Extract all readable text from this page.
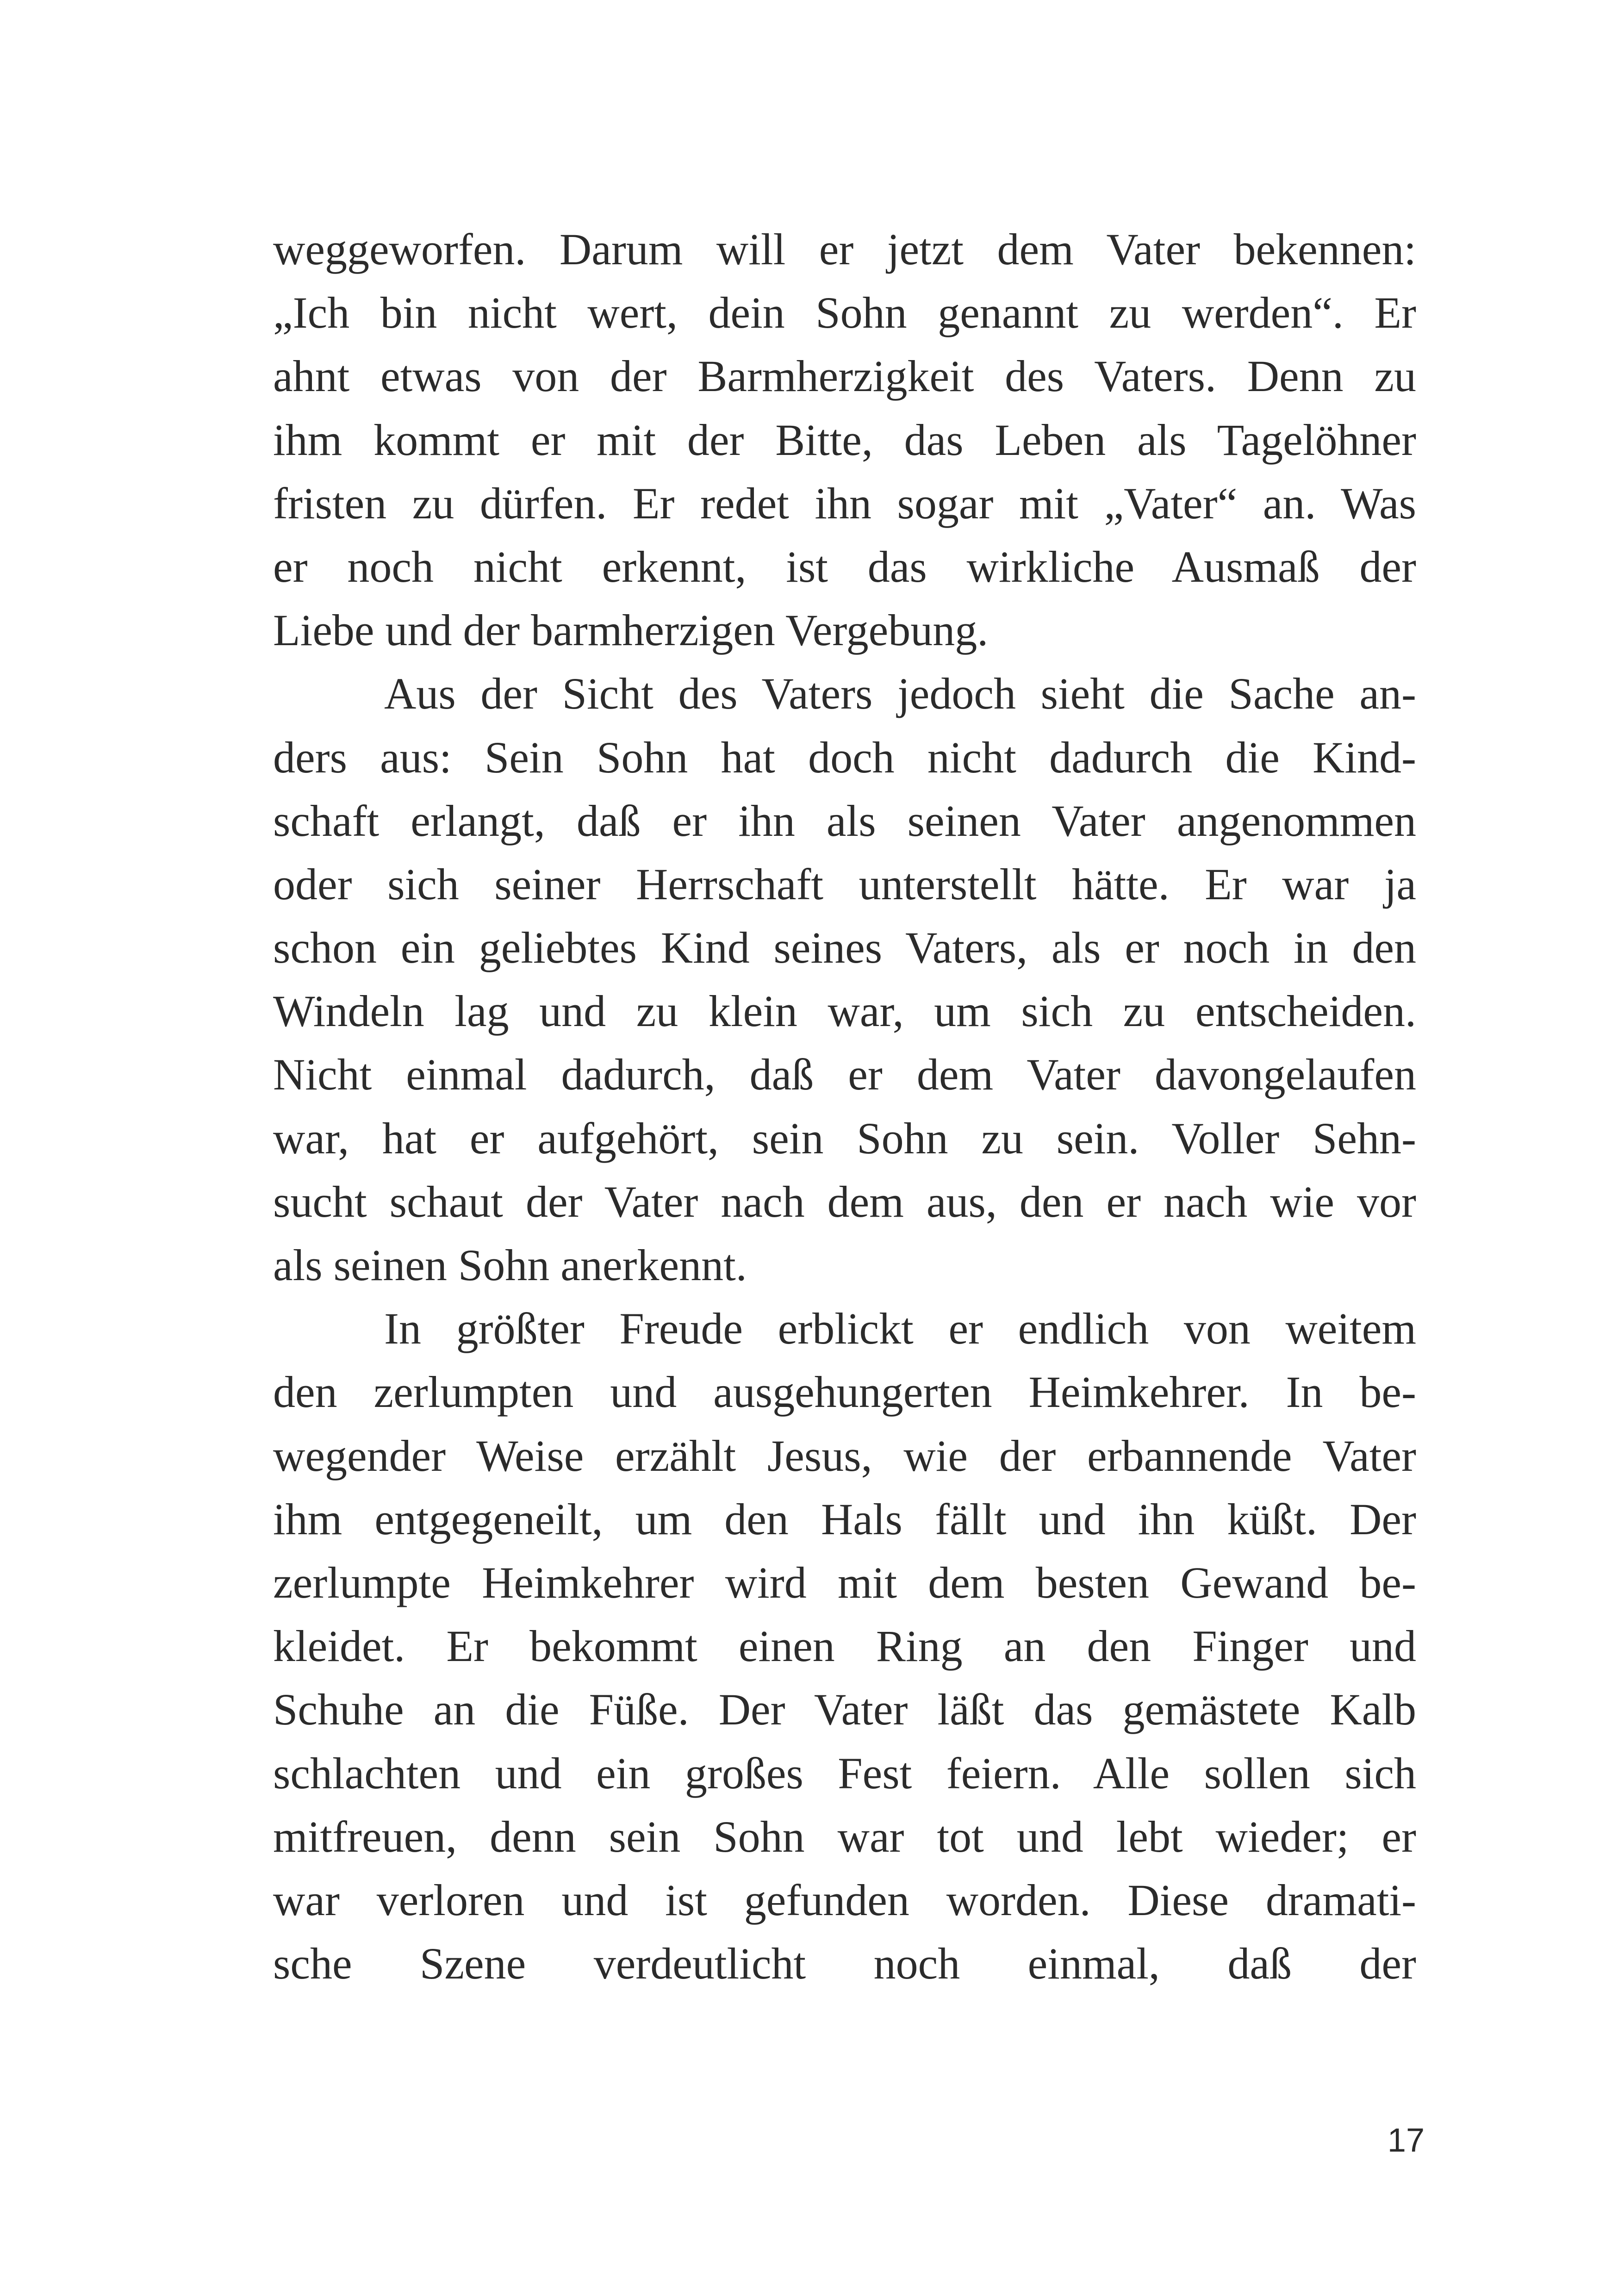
weggeworfen. Darum will er jetzt dem Vater bekennen:
„Ich bin nicht wert, dein Sohn genannt zu werden“. Er
ahnt etwas von der Barmherzigkeit des Vaters. Denn zu
ihm kommt er mit der Bitte, das Leben als Tagelöhner
fristen zu dürfen. Er redet ihn sogar mit „Vater“ an. Was
er noch nicht erkennt, ist das wirkliche Ausmaß der
Liebe und der barmherzigen Vergebung.
Aus der Sicht des Vaters jedoch sieht die Sache an-
ders aus: Sein Sohn hat doch nicht dadurch die Kind-
schaft erlangt, daß er ihn als seinen Vater angenommen
oder sich seiner Herrschaft unterstellt hätte. Er war ja
schon ein geliebtes Kind seines Vaters, als er noch in den
Windeln lag und zu klein war, um sich zu entscheiden.
Nicht einmal dadurch, daß er dem Vater davongelaufen
war, hat er aufgehört, sein Sohn zu sein. Voller Sehn-
sucht schaut der Vater nach dem aus, den er nach wie vor
als seinen Sohn anerkennt.
In größter Freude erblickt er endlich von weitem
den zerlumpten und ausgehungerten Heimkehrer. In be-
wegender Weise erzählt Jesus, wie der erbannende Vater
ihm entgegeneilt, um den Hals fällt und ihn küßt. Der
zerlumpte Heimkehrer wird mit dem besten Gewand be-
kleidet. Er bekommt einen Ring an den Finger und
Schuhe an die Füße. Der Vater läßt das gemästete Kalb
schlachten und ein großes Fest feiern. Alle sollen sich
mitfreuen, denn sein Sohn war tot und lebt wieder; er
war verloren und ist gefunden worden. Diese dramati-
sche Szene verdeutlicht noch einmal, daß der
17
